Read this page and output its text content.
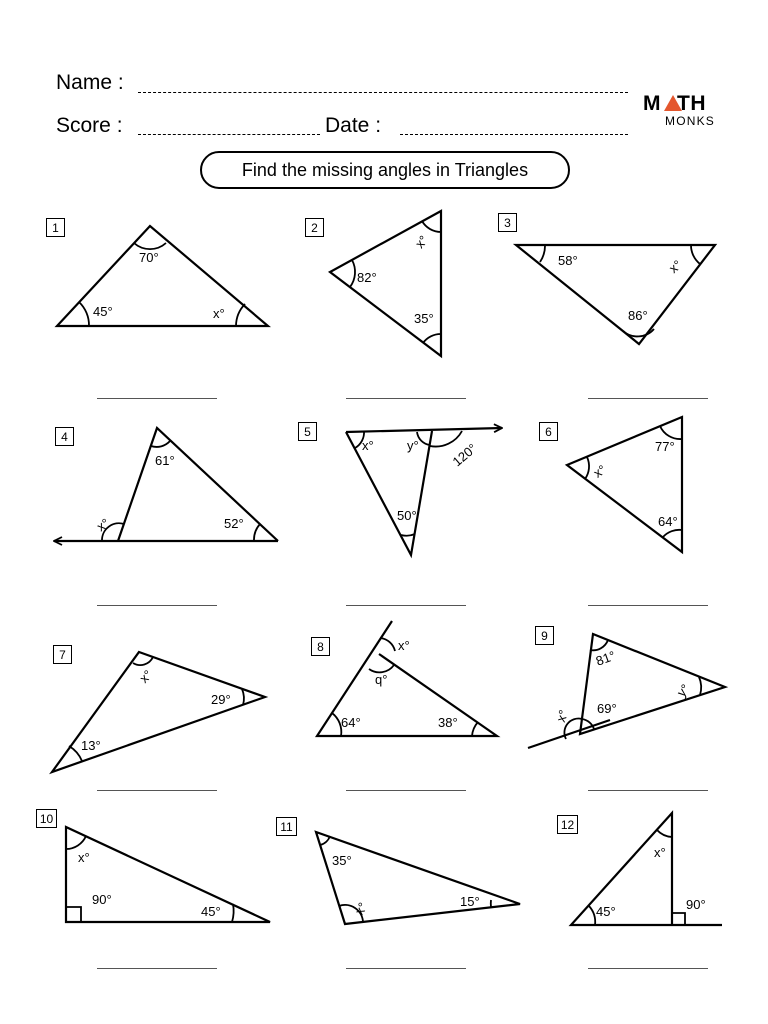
Name :
Score :	Date :
M TH
MONKS
Find the missing angles in Triangles
1	2	3
4	5	6
7
8
9
10
11	12
70°
45°	x°
x°
82°
35°
58°	x°
86°
61°
x°	52°
x°	y° 120°
50°
77°
x°
64°
x°
29°
13°
x°
q°
64°	38°
81°
y°
x° 69°
x°
90°
45°
35°
x°	15°
x°
45°	90°
